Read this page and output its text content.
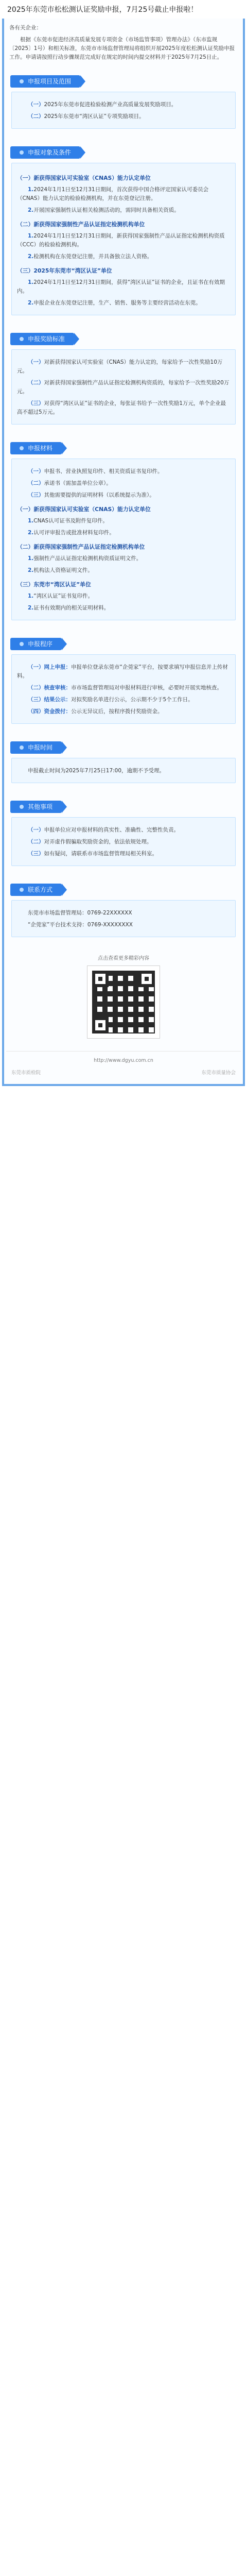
2025年东莞市松松测认证奖励申报，7月25号截止申报啦！
各有关企业：
根据《东莞市促进经济高质量发展专项资金（市场监管事项）管理办法》（东市监规〔2025〕1号）和相关标准，东莞市市场监督管理局将组织开展2025年度松松测认证奖励申报工作。申请请按照行动步骤规范完成好在规定的时间内提交材料并于2025年7月25日止。
申报项目及范围

（一）2025年东莞市促进检验检测产业高质量发展奖励项目。

（二）2025年东莞市“湾区认证”专项奖励项目。

申报对象及条件
（一）新获得国家认可实验室（CNAS）能力认定单位

1.2024年1月1日至12月31日期间，首次获得中国合格评定国家认可委员会（CNAS）能力认定的检验检测机构，并在东莞登记注册。

2.开展国家强制性认证相关检测活动的，需同时具备相关资质。

（二）新获得国家强制性产品认证指定检测机构单位

1.2024年1月1日至12月31日期间，新获得国家强制性产品认证指定检测机构资质（CCC）的检验检测机构。

2.检测机构在东莞登记注册，并具备独立法人资格。

（三）2025年东莞市“湾区认证”单位

1.2024年1月1日至12月31日期间，获得“湾区认证”证书的企业，且证书在有效期内。

2.申报企业在东莞登记注册，生产、销售、服务等主要经营活动在东莞。

申报奖励标准

（一）对新获得国家认可实验室（CNAS）能力认定的，每家给予一次性奖励10万元。

（二）对新获得国家强制性产品认证指定检测机构资质的，每家给予一次性奖励20万元。

（三）对获得“湾区认证”证书的企业，每张证书给予一次性奖励1万元，单个企业最高不超过5万元。

申报材料

（一）申报书、营业执照复印件、相关资质证书复印件。

（二）承诺书（需加盖单位公章）。

（三）其他需要提供的证明材料（以系统提示为准）。

（一）新获得国家认可实验室（CNAS）能力认定单位

1.CNAS认可证书及附件复印件。

2.认可评审报告或批准材料复印件。

（二）新获得国家强制性产品认证指定检测机构单位

1.强制性产品认证指定检测机构资质证明文件。

2.机构法人资格证明文件。

（三）东莞市“湾区认证”单位

1.“湾区认证”证书复印件。

2.证书有效期内的相关证明材料。

申报程序

（一）网上申报：申报单位登录东莞市“企莞家”平台，按要求填写申报信息并上传材料。

（二）核查审核：市市场监督管理局对申报材料进行审核，必要时开展实地核查。

（三）结果公示：对拟奖励名单进行公示，公示期不少于5个工作日。

（四）资金拨付：公示无异议后，按程序拨付奖励资金。

申报时间

申报截止时间为2025年7月25日17:00，逾期不予受理。

其他事项

（一）申报单位应对申报材料的真实性、准确性、完整性负责。

（二）对弄虚作假骗取奖励资金的，依法依规处理。

（三）如有疑问，请联系市市场监督管理局相关科室。

联系方式

东莞市市场监督管理局：0769-22XXXXXX

“企莞家”平台技术支持：0769-XXXXXXXX

点击查看更多精彩内容
http://www.dgyu.com.cn
东莞市质检院	东莞市质量协会
